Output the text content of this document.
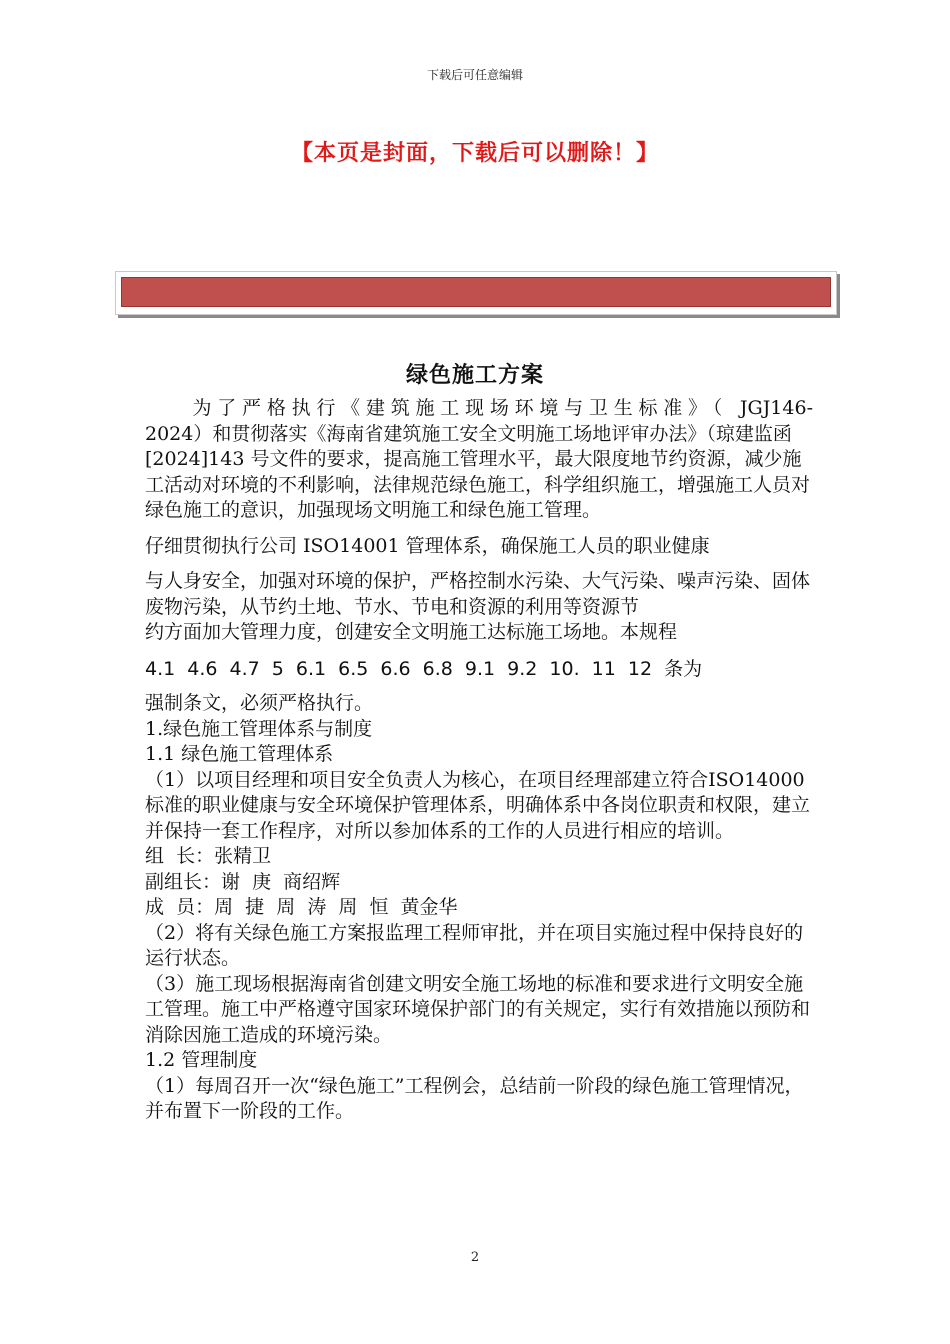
下载后可任意编辑
【本页是封面，下载后可以删除！】
绿色施工方案

为了严格执行《建筑施工现场环境与卫生标准》（ JGJ146-

2024）和贯彻落实《海南省建筑施工安全文明施工场地评审办法》（琼建监函[2024]143 号文件的要求，提高施工管理水平，最大限度地节约资源，减少施工活动对环境的不利影响，法律规范绿色施工，科学组织施工，增强施工人员对绿色施工的意识，加强现场文明施工和绿色施工管理。

仔细贯彻执行公司 ISO14001 管理体系，确保施工人员的职业健康

与人身安全，加强对环境的保护，严格控制水污染、大气污染、噪声污染、固体废物污染，从节约土地、节水、节电和资源的利用等资源节

约方面加大管理力度，创建安全文明施工达标施工场地。本规程

4.1 4.6 4.7 5 6.1 6.5 6.6 6.8 9.1 9.2 10. 11 12 条为

强制条文，必须严格执行。

1.绿色施工管理体系与制度

1.1 绿色施工管理体系

（1）以项目经理和项目安全负责人为核心，在项目经理部建立符合ISO14000 标准的职业健康与安全环境保护管理体系，明确体系中各岗位职责和权限，建立并保持一套工作程序，对所以参加体系的工作的人员进行相应的培训。

组  长：张精卫

副组长：谢  庚  商绍辉

成  员：周  捷  周  涛  周  恒  黄金华

（2）将有关绿色施工方案报监理工程师审批，并在项目实施过程中保持良好的运行状态。

（3）施工现场根据海南省创建文明安全施工场地的标准和要求进行文明安全施工管理。施工中严格遵守国家环境保护部门的有关规定，实行有效措施以预防和消除因施工造成的环境污染。

1.2 管理制度

（1）每周召开一次“绿色施工”工程例会，总结前一阶段的绿色施工管理情况，并布置下一阶段的工作。

2
